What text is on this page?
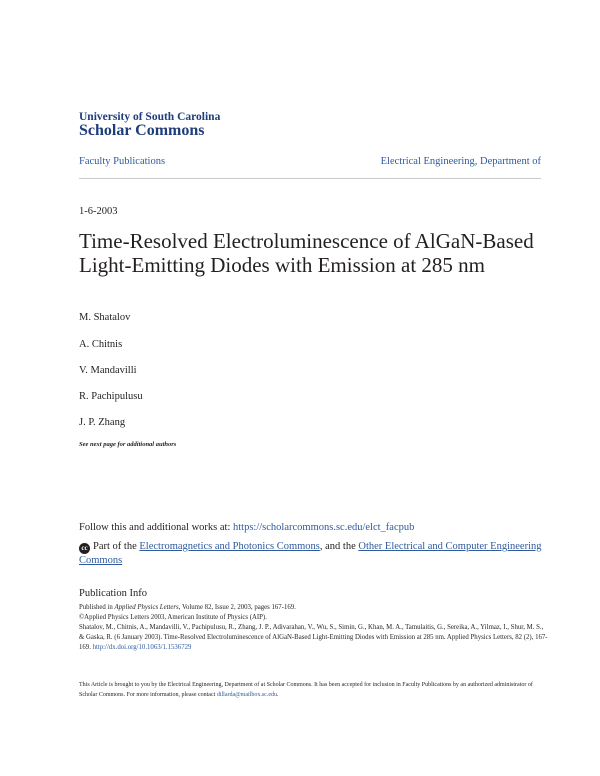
University of South Carolina
Scholar Commons
Faculty Publications	Electrical Engineering, Department of
1-6-2003
Time-Resolved Electroluminescence of AlGaN-Based Light-Emitting Diodes with Emission at 285 nm
M. Shatalov
A. Chitnis
V. Mandavilli
R. Pachipulusu
J. P. Zhang
See next page for additional authors
Follow this and additional works at: https://scholarcommons.sc.edu/elct_facpub
cc Part of the Electromagnetics and Photonics Commons, and the Other Electrical and Computer Engineering Commons
Publication Info
Published in Applied Physics Letters, Volume 82, Issue 2, 2003, pages 167-169.
©Applied Physics Letters 2003, American Institute of Physics (AIP).
Shatalov, M., Chitnis, A., Mandavilli, V., Pachipulusu, R., Zhang, J. P., Adivarahan, V., Wu, S., Simin, G., Khan, M. A., Tamulaitis, G., Sereika, A., Yilmaz, I., Shur, M. S., & Gaska, R. (6 January 2003). Time-Resolved Electroluminescence of AlGaN-Based Light-Emitting Diodes with Emission at 285 nm. Applied Physics Letters, 82 (2), 167-169. http://dx.doi.org/10.1063/1.1536729
This Article is brought to you by the Electrical Engineering, Department of at Scholar Commons. It has been accepted for inclusion in Faculty Publications by an authorized administrator of Scholar Commons. For more information, please contact dillarda@mailbox.sc.edu.
